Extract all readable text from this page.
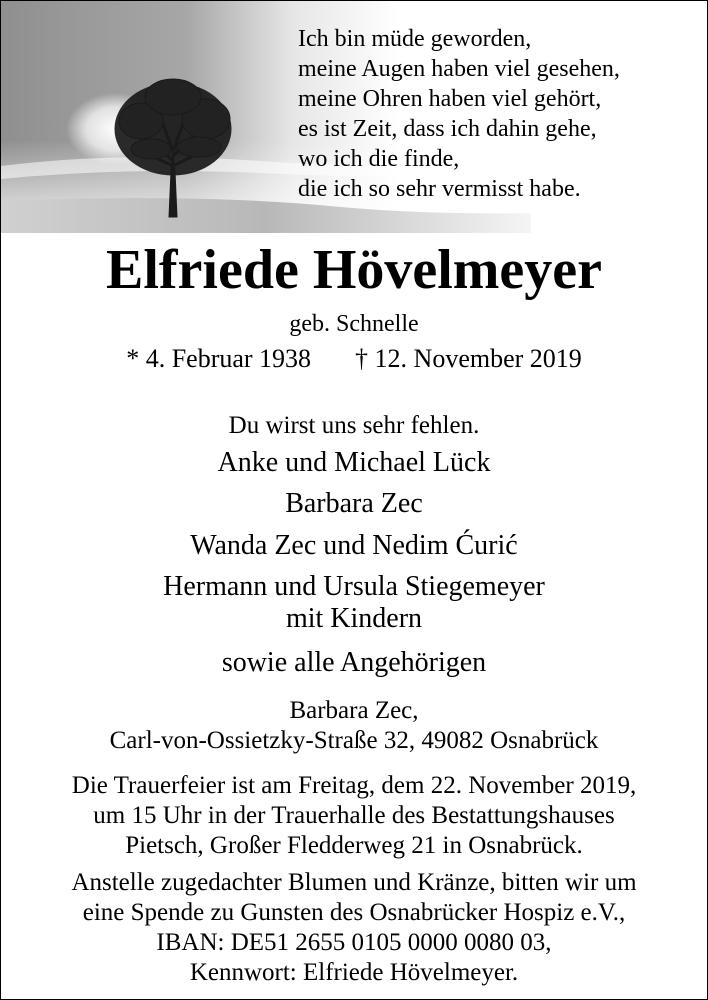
Ich bin müde geworden,
meine Augen haben viel gesehen,
meine Ohren haben viel gehört,
es ist Zeit, dass ich dahin gehe,
wo ich die finde,
die ich so sehr vermisst habe.
Elfriede Hövelmeyer
geb. Schnelle
* 4. Februar 1938 † 12. November 2019
Du wirst uns sehr fehlen.
Anke und Michael Lück
Barbara Zec
Wanda Zec und Nedim Ćurić
Hermann und Ursula Stiegemeyer
mit Kindern
sowie alle Angehörigen
Barbara Zec,
Carl-von-Ossietzky-Straße 32, 49082 Osnabrück
Die Trauerfeier ist am Freitag, dem 22. November 2019,
um 15 Uhr in der Trauerhalle des Bestattungshauses
Pietsch, Großer Fledderweg 21 in Osnabrück.
Anstelle zugedachter Blumen und Kränze, bitten wir um
eine Spende zu Gunsten des Osnabrücker Hospiz e.V.,
IBAN: DE51 2655 0105 0000 0080 03,
Kennwort: Elfriede Hövelmeyer.
